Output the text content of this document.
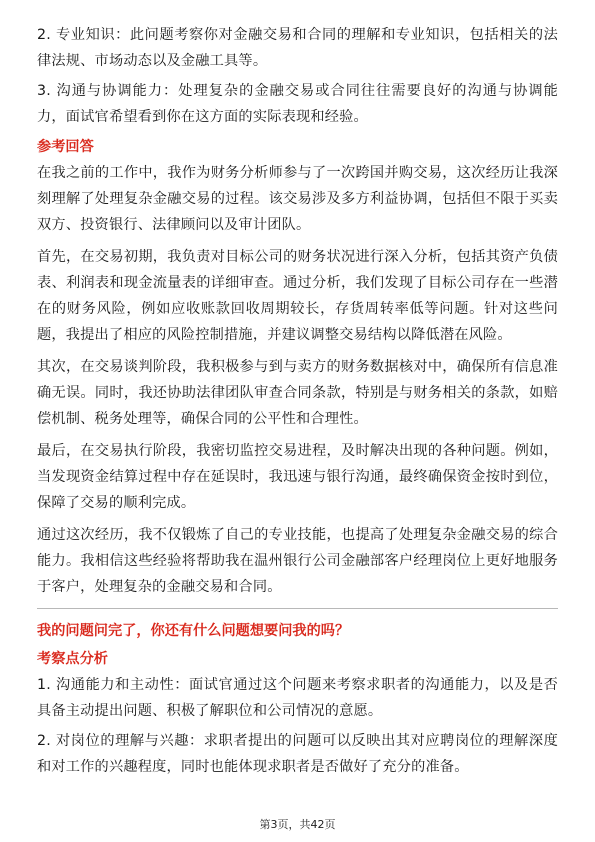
2. 专业知识：此问题考察你对金融交易和合同的理解和专业知识，包括相关的法律法规、市场动态以及金融工具等。

3. 沟通与协调能力：处理复杂的金融交易或合同往往需要良好的沟通与协调能力，面试官希望看到你在这方面的实际表现和经验。

参考回答

在我之前的工作中，我作为财务分析师参与了一次跨国并购交易，这次经历让我深刻理解了处理复杂金融交易的过程。该交易涉及多方利益协调，包括但不限于买卖双方、投资银行、法律顾问以及审计团队。

首先，在交易初期，我负责对目标公司的财务状况进行深入分析，包括其资产负债表、利润表和现金流量表的详细审查。通过分析，我们发现了目标公司存在一些潜在的财务风险，例如应收账款回收周期较长，存货周转率低等问题。针对这些问题，我提出了相应的风险控制措施，并建议调整交易结构以降低潜在风险。

其次，在交易谈判阶段，我积极参与到与卖方的财务数据核对中，确保所有信息准确无误。同时，我还协助法律团队审查合同条款，特别是与财务相关的条款，如赔偿机制、税务处理等，确保合同的公平性和合理性。

最后，在交易执行阶段，我密切监控交易进程，及时解决出现的各种问题。例如，当发现资金结算过程中存在延误时，我迅速与银行沟通，最终确保资金按时到位，保障了交易的顺利完成。

通过这次经历，我不仅锻炼了自己的专业技能，也提高了处理复杂金融交易的综合能力。我相信这些经验将帮助我在温州银行公司金融部客户经理岗位上更好地服务于客户，处理复杂的金融交易和合同。

我的问题问完了，你还有什么问题想要问我的吗？
考察点分析

1. 沟通能力和主动性：面试官通过这个问题来考察求职者的沟通能力，以及是否具备主动提出问题、积极了解职位和公司情况的意愿。

2. 对岗位的理解与兴趣：求职者提出的问题可以反映出其对应聘岗位的理解深度和对工作的兴趣程度，同时也能体现求职者是否做好了充分的准备。

第3页，共42页
